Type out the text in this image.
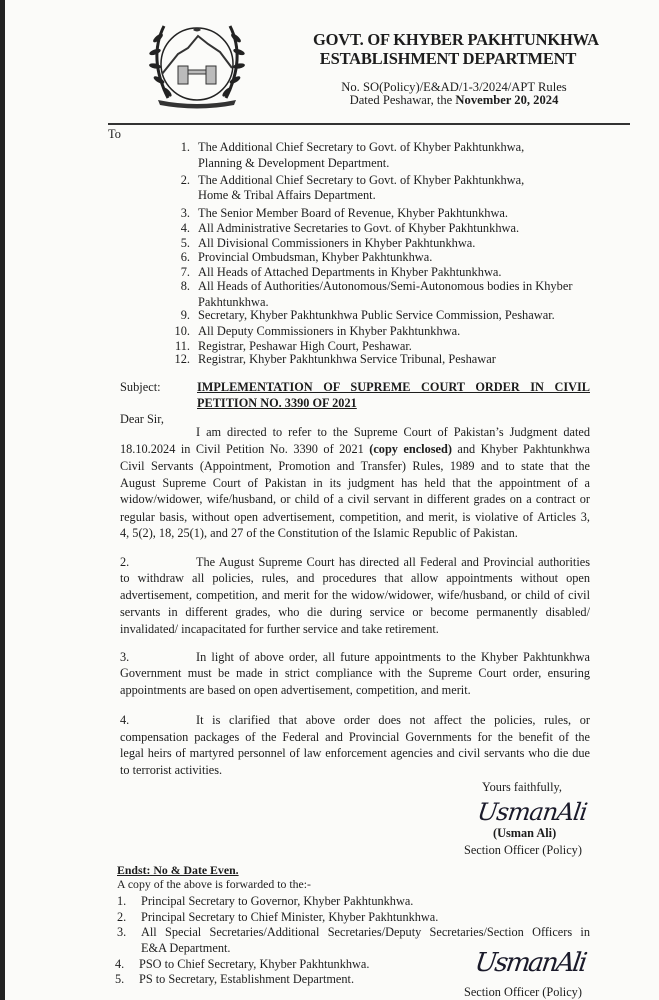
GOVT. OF KHYBER PAKHTUNKHWA
ESTABLISHMENT DEPARTMENT
No. SO(Policy)/E&AD/1-3/2024/APT Rules
Dated Peshawar, the November 20, 2024
To
1. The Additional Chief Secretary to Govt. of Khyber Pakhtunkhwa,
Planning & Development Department.
2. The Additional Chief Secretary to Govt. of Khyber Pakhtunkhwa,
Home & Tribal Affairs Department.
3. The Senior Member Board of Revenue, Khyber Pakhtunkhwa.
4. All Administrative Secretaries to Govt. of Khyber Pakhtunkhwa.
5. All Divisional Commissioners in Khyber Pakhtunkhwa.
6. Provincial Ombudsman, Khyber Pakhtunkhwa.
7. All Heads of Attached Departments in Khyber Pakhtunkhwa.
8. All Heads of Authorities/Autonomous/Semi-Autonomous bodies in Khyber
Pakhtunkhwa.
9. Secretary, Khyber Pakhtunkhwa Public Service Commission, Peshawar.
10. All Deputy Commissioners in Khyber Pakhtunkhwa.
11. Registrar, Peshawar High Court, Peshawar.
12. Registrar, Khyber Pakhtunkhwa Service Tribunal, Peshawar
Subject:	IMPLEMENTATION OF SUPREME COURT ORDER IN CIVIL
PETITION NO. 3390 OF 2021
Dear Sir,
I am directed to refer to the Supreme Court of Pakistan’s Judgment dated
18.10.2024 in Civil Petition No. 3390 of 2021 (copy enclosed) and Khyber Pakhtunkhwa
Civil Servants (Appointment, Promotion and Transfer) Rules, 1989 and to state that the
August Supreme Court of Pakistan in its judgment has held that the appointment of a
widow/widower, wife/husband, or child of a civil servant in different grades on a contract or
regular basis, without open advertisement, competition, and merit, is violative of Articles 3,
4, 5(2), 18, 25(1), and 27 of the Constitution of the Islamic Republic of Pakistan.
2.	The August Supreme Court has directed all Federal and Provincial authorities
to withdraw all policies, rules, and procedures that allow appointments without open
advertisement, competition, and merit for the widow/widower, wife/husband, or child of civil
servants in different grades, who die during service or become permanently disabled/
invalidated/ incapacitated for further service and take retirement.
3.	In light of above order, all future appointments to the Khyber Pakhtunkhwa
Government must be made in strict compliance with the Supreme Court order, ensuring
appointments are based on open advertisement, competition, and merit.
4.	It is clarified that above order does not affect the policies, rules, or
compensation packages of the Federal and Provincial Governments for the benefit of the
legal heirs of martyred personnel of law enforcement agencies and civil servants who die due
to terrorist activities.
Yours faithfully,
UsmanAli
(Usman Ali)
Section Officer (Policy)
Endst: No & Date Even.
A copy of the above is forwarded to the:-
1. Principal Secretary to Governor, Khyber Pakhtunkhwa.
2. Principal Secretary to Chief Minister, Khyber Pakhtunkhwa.
3. All Special Secretaries/Additional Secretaries/Deputy Secretaries/Section Officers in
E&A Department.
4. PSO to Chief Secretary, Khyber Pakhtunkhwa.
5. PS to Secretary, Establishment Department.
UsmanAli
Section Officer (Policy)
